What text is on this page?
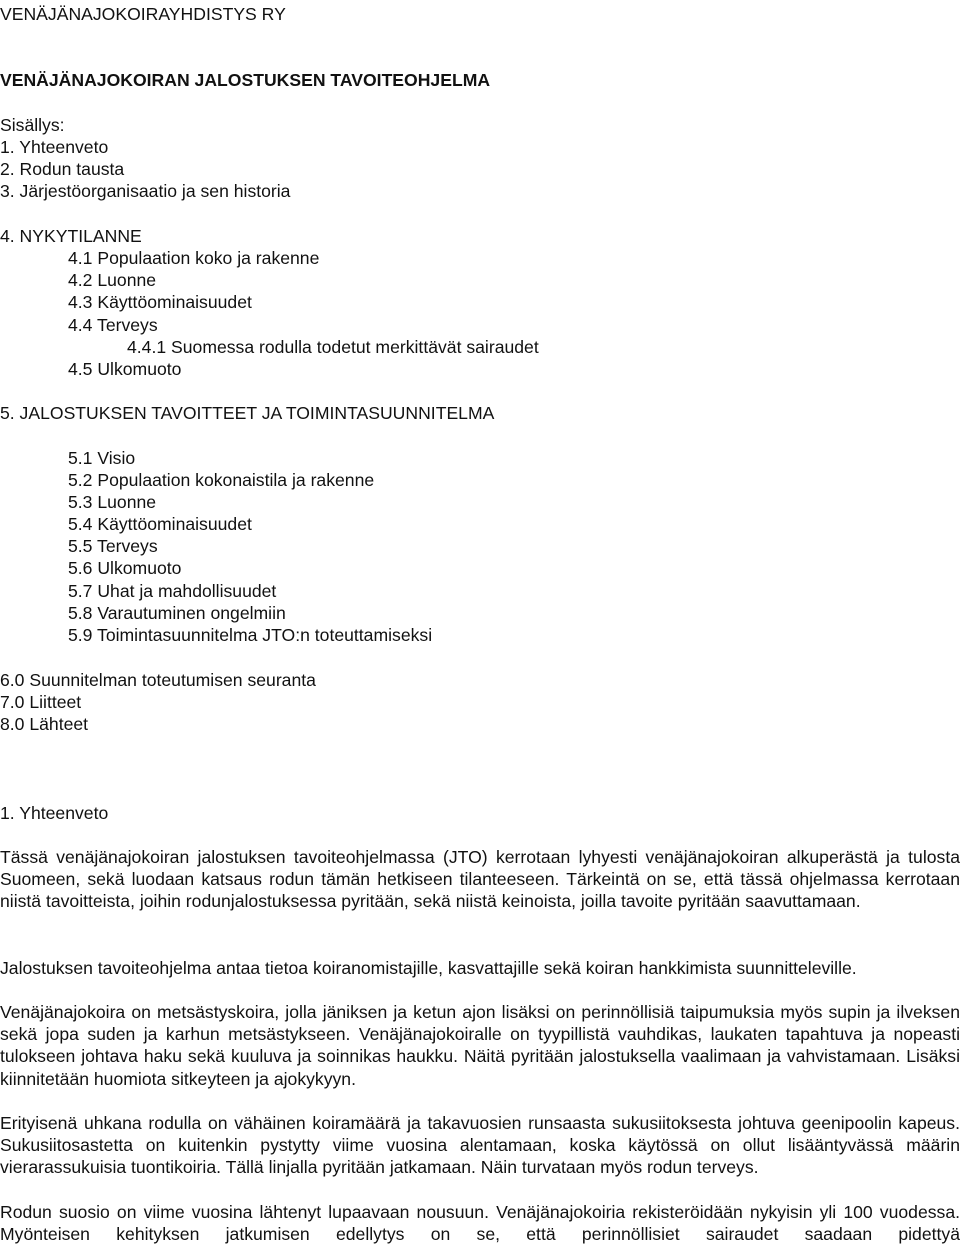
VENÄJÄNAJOKOIRAYHDISTYS RY
VENÄJÄNAJOKOIRAN JALOSTUKSEN TAVOITEOHJELMA
Sisällys:
1. Yhteenveto
2. Rodun tausta
3. Järjestöorganisaatio ja sen historia
4. NYKYTILANNE
4.1 Populaation koko ja rakenne
4.2 Luonne
4.3 Käyttöominaisuudet
4.4 Terveys
4.4.1 Suomessa rodulla todetut merkittävät sairaudet
4.5 Ulkomuoto
5. JALOSTUKSEN TAVOITTEET JA TOIMINTASUUNNITELMA
5.1 Visio
5.2 Populaation kokonaistila ja rakenne
5.3 Luonne
5.4 Käyttöominaisuudet
5.5 Terveys
5.6 Ulkomuoto
5.7 Uhat ja mahdollisuudet
5.8 Varautuminen ongelmiin
5.9 Toimintasuunnitelma JTO:n toteuttamiseksi
6.0 Suunnitelman toteutumisen seuranta
7.0 Liitteet
8.0 Lähteet
1. Yhteenveto
Tässä venäjänajokoiran jalostuksen tavoiteohjelmassa (JTO) kerrotaan lyhyesti venäjänajokoiran alkuperästä ja tulosta Suomeen, sekä luodaan katsaus rodun tämän hetkiseen tilanteeseen. Tärkeintä on se, että tässä ohjelmassa kerrotaan niistä tavoitteista, joihin rodunjalostuksessa pyritään, sekä niistä keinoista, joilla tavoite pyritään saavuttamaan.
Jalostuksen tavoiteohjelma antaa tietoa koiranomistajille, kasvattajille sekä koiran hankkimista suunnitteleville.
Venäjänajokoira on metsästyskoira, jolla jäniksen ja ketun ajon lisäksi on perinnöllisiä taipumuksia myös supin ja ilveksen sekä jopa suden ja karhun metsästykseen. Venäjänajokoiralle on tyypillistä vauhdikas, laukaten tapahtuva ja nopeasti tulokseen johtava haku sekä kuuluva ja soinnikas haukku. Näitä pyritään jalostuksella vaalimaan ja vahvistamaan. Lisäksi kiinnitetään huomiota sitkeyteen ja ajokykyyn.
Erityisenä uhkana rodulla on vähäinen koiramäärä ja takavuosien runsaasta sukusiitoksesta johtuva geenipoolin kapeus. Sukusiitosastetta on kuitenkin pystytty viime vuosina alentamaan, koska käytössä on ollut lisääntyvässä määrin vierarassukuisia tuontikoiria. Tällä linjalla pyritään jatkamaan. Näin turvataan myös rodun terveys.
Rodun suosio on viime vuosina lähtenyt lupaavaan nousuun. Venäjänajokoiria rekisteröidään nykyisin yli 100 vuodessa. Myönteisen kehityksen jatkumisen edellytys on se, että perinnöllisiet sairaudet saadaan pidettyä
